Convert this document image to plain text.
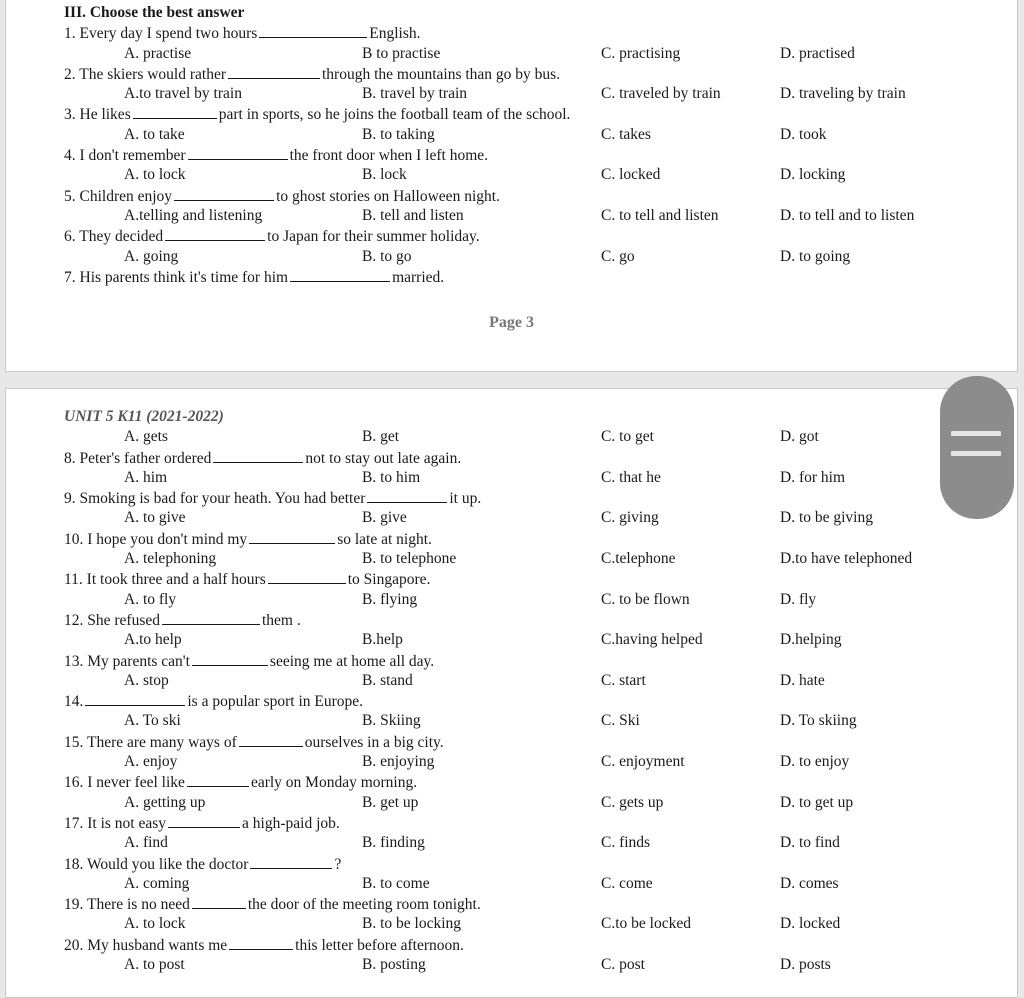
III. Choose the best answer
1. Every day I spend two hours	English.
A. practise	B to practise	C. practising	D. practised
2. The skiers would rather	through the mountains than go by bus.
A.to travel by train	B. travel by train	C. traveled by train	D. traveling by train
3. He likes	part in sports, so he joins the football team of the school.
A. to take	B. to taking	C. takes	D. took
4. I don't remember	the front door when I left home.
A. to lock	B. lock	C. locked	D. locking
5. Children enjoy	to ghost stories on Halloween night.
A.telling and listening	B. tell and listen	C. to tell and listen	D. to tell and to listen
6. They decided	to Japan for their summer holiday.
A. going	B. to go	C. go	D. to going
7. His parents think it's time for him	married.
Page 3
UNIT 5 K11 (2021-2022)
A. gets	B. get	C. to get	D. got
8. Peter's father ordered	not to stay out late again.
A. him	B. to him	C. that he	D. for him
9. Smoking is bad for your heath. You had better	it up.
A. to give	B. give	C. giving	D. to be giving
10. I hope you don't mind my	so late at night.
A. telephoning	B. to telephone	C.telephone	D.to have telephoned
11. It took three and a half hours	to Singapore.
A. to fly	B. flying	C. to be flown	D. fly
12. She refused	them .
A.to help	B.help	C.having helped	D.helping
13. My parents can't	seeing me at home all day.
A. stop	B. stand	C. start	D. hate
14.	is a popular sport in Europe.
A. To ski	B. Skiing	C. Ski	D. To skiing
15. There are many ways of	ourselves in a big city.
A. enjoy	B. enjoying	C. enjoyment	D. to enjoy
16. I never feel like	early on Monday morning.
A. getting up	B. get up	C. gets up	D. to get up
17. It is not easy	a high-paid job.
A. find	B. finding	C. finds	D. to find
18. Would you like the doctor	?
A. coming	B. to come	C. come	D. comes
19. There is no need	the door of the meeting room tonight.
A. to lock	B. to be locking	C.to be locked	D. locked
20. My husband wants me	this letter before afternoon.
A. to post	B. posting	C. post	D. posts
